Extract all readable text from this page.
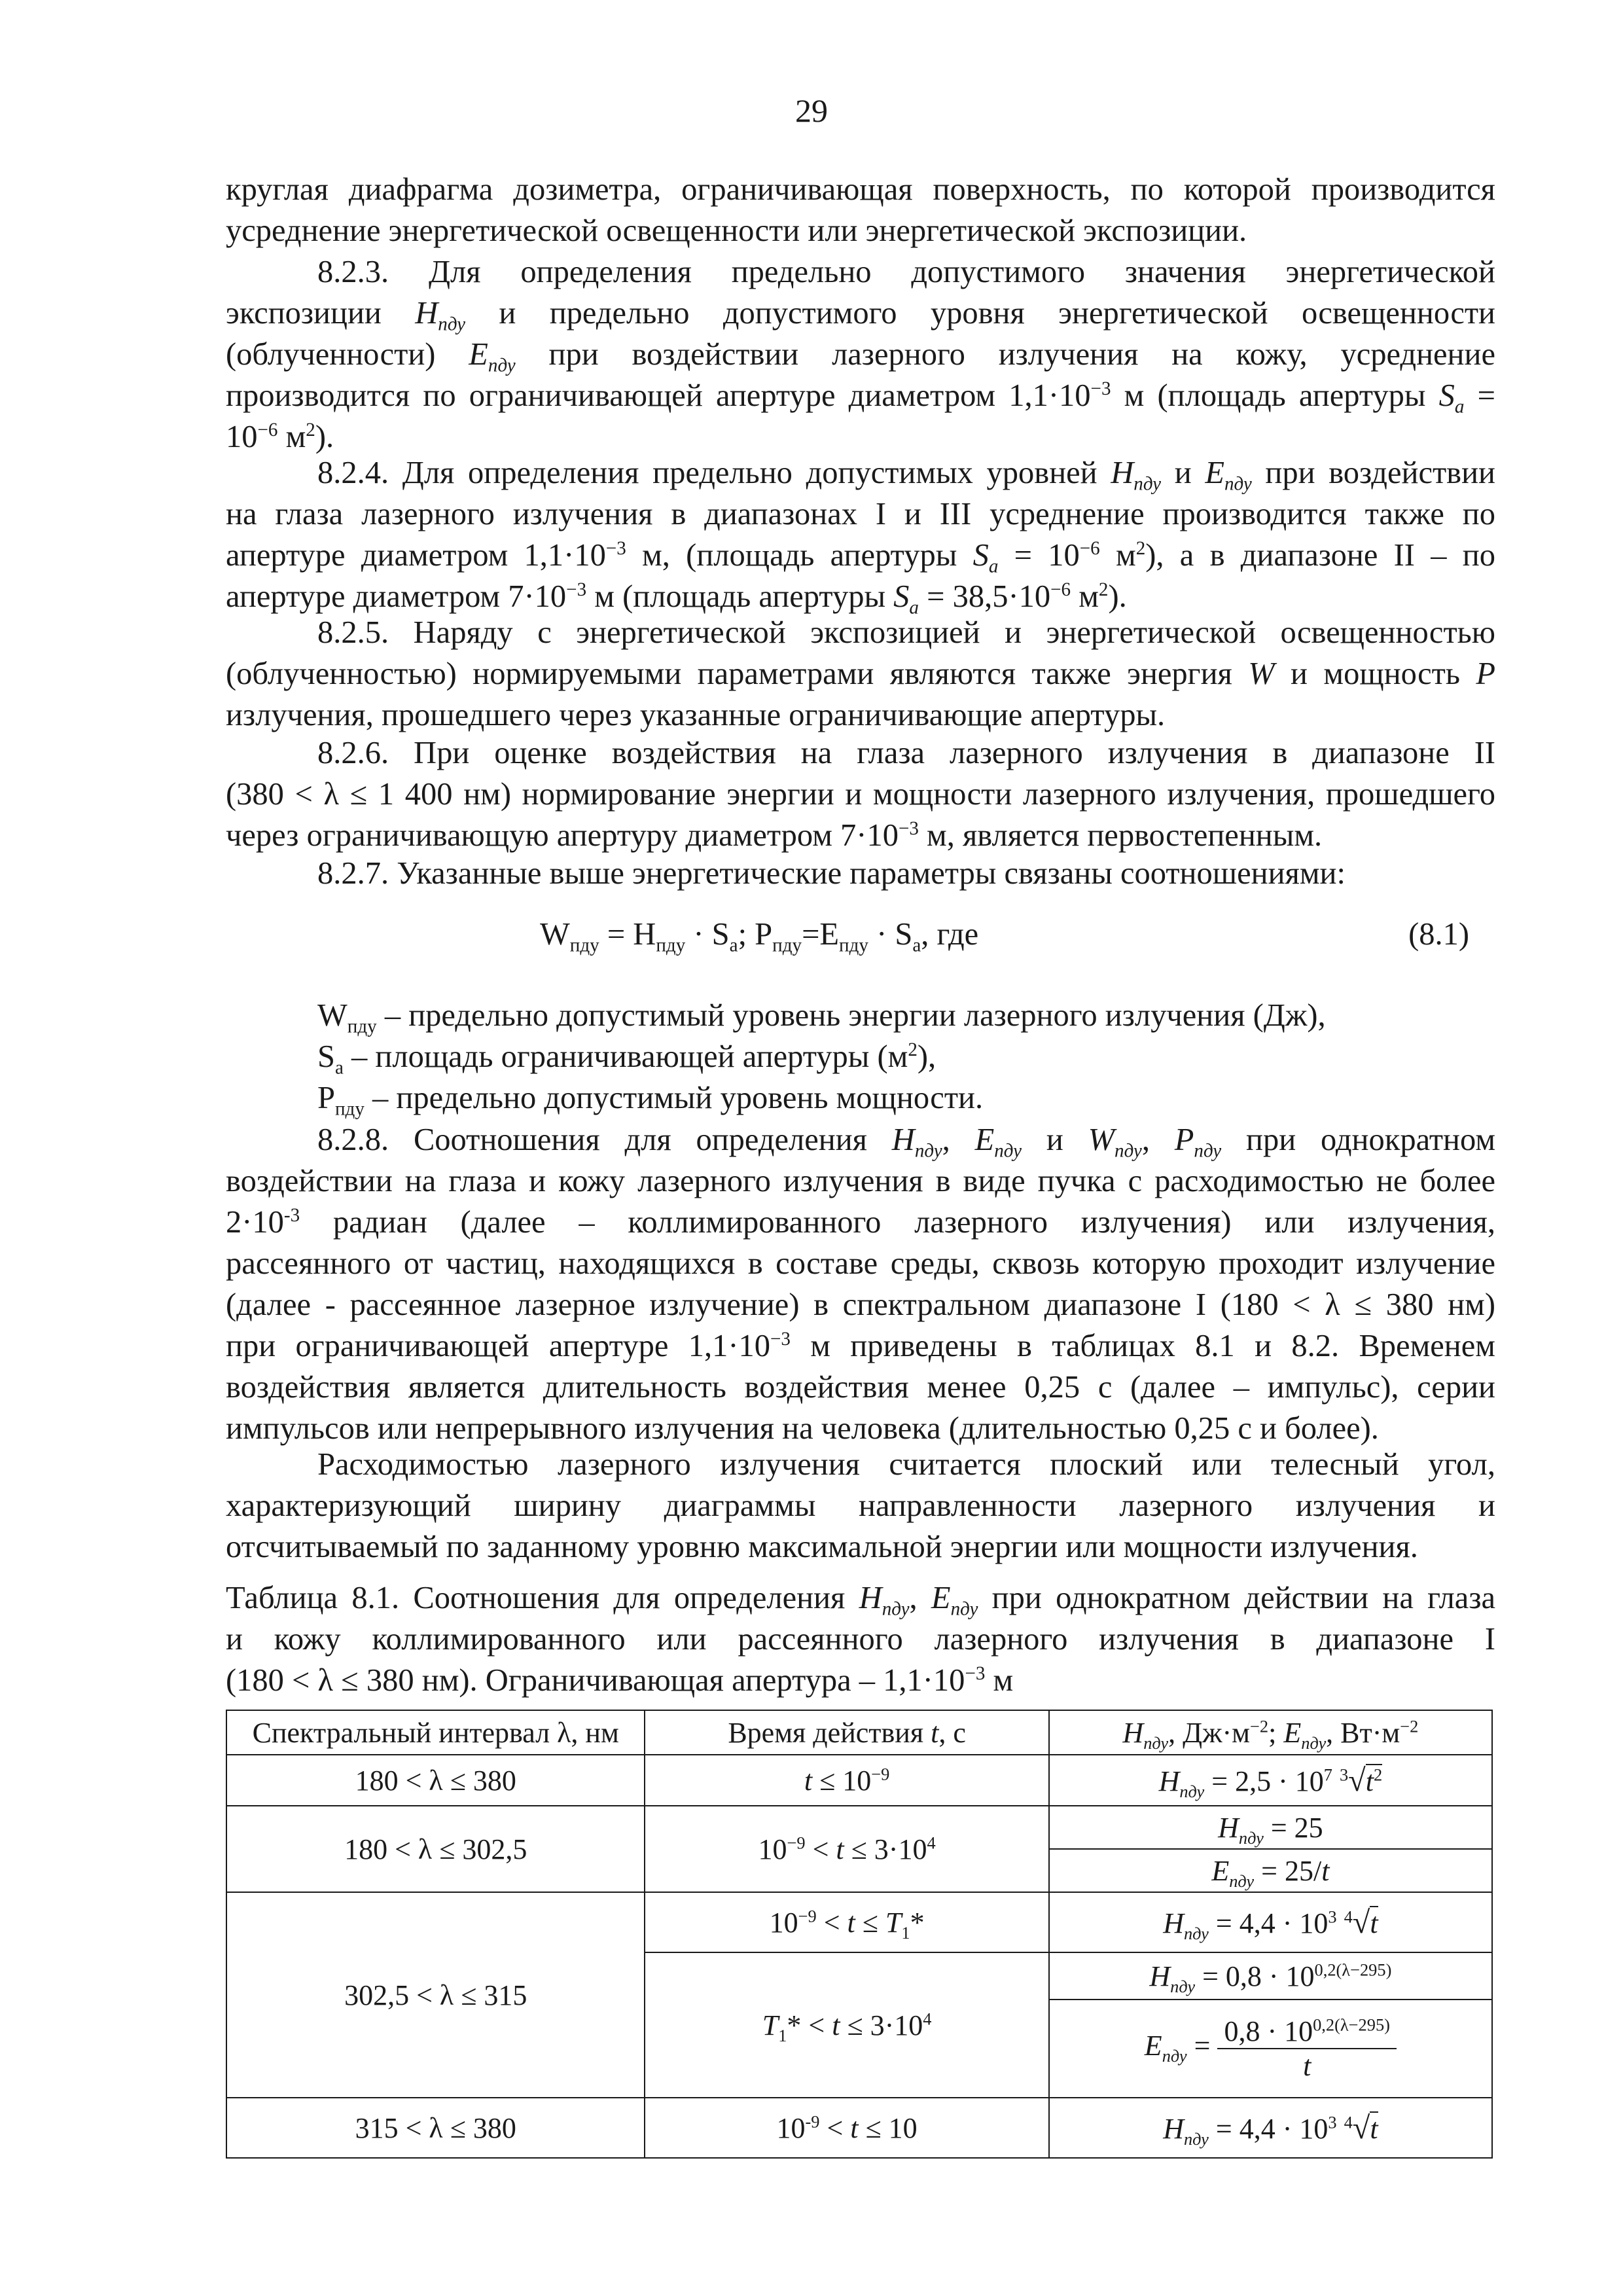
29
круглая диафрагма дозиметра, ограничивающая поверхность, по которой производится
усреднение энергетической освещенности или энергетической экспозиции.
8.2.3. Для определения предельно допустимого значения энергетической
экспозиции $H_{пду}$ и предельно допустимого уровня энергетической освещенности
(облученности) $E_{пду}$ при воздействии лазерного излучения на кожу, усреднение
производится по ограничивающей апертуре диаметром $1,1\cdot 10^{-3}$ м (площадь апертуры $S_a$ =
$10^{-6}$ $м^2$).
8.2.4. Для определения предельно допустимых уровней $H_{пду}$ и $E_{пду}$ при воздействии
на глаза лазерного излучения в диапазонах I и III усреднение производится также по
апертуре диаметром $1,1\cdot 10^{-3}$ м, (площадь апертуры $S_a = 10^{-6}$ $м^2$), а в диапазоне II – по
апертуре диаметром $7\cdot 10^{-3}$ м (площадь апертуры $S_a = 38,5\cdot 10^{-6}$ $м^2$).
8.2.5. Наряду с энергетической экспозицией и энергетической освещенностью
(облученностью) нормируемыми параметрами являются также энергия W и мощность P
излучения, прошедшего через указанные ограничивающие апертуры.
8.2.6. При оценке воздействия на глаза лазерного излучения в диапазоне II
(380 < λ ≤ 1 400 нм) нормирование энергии и мощности лазерного излучения, прошедшего
через ограничивающую апертуру диаметром $7\cdot 10^{-3}$ м, является первостепенным.
8.2.7. Указанные выше энергетические параметры связаны соотношениями:
$W_{пду} = H_{пду} \cdot S_a$; $P_{пду}=E_{пду} \cdot S_a$, где	(8.1)
$W_{пду}$ – предельно допустимый уровень энергии лазерного излучения (Дж),
$S_a$ – площадь ограничивающей апертуры $(м^2)$,
$P_{пду}$ – предельно допустимый уровень мощности.
8.2.8. Соотношения для определения $H_{пду}$, $E_{пду}$ и $W_{пду}$, $P_{пду}$ при однократном
воздействии на глаза и кожу лазерного излучения в виде пучка с расходимостью не более
$2\cdot 10^{-3}$ радиан (далее – коллимированного лазерного излучения) или излучения,
рассеянного от частиц, находящихся в составе среды, сквозь которую проходит излучение
(далее - рассеянное лазерное излучение) в спектральном диапазоне I (180 < λ ≤ 380 нм)
при ограничивающей апертуре $1,1\cdot 10^{-3}$ м приведены в таблицах 8.1 и 8.2. Временем
воздействия является длительность воздействия менее 0,25 с (далее – импульс), серии
импульсов или непрерывного излучения на человека (длительностью 0,25 с и более).
Расходимостью лазерного излучения считается плоский или телесный угол,
характеризующий ширину диаграммы направленности лазерного излучения и
отсчитываемый по заданному уровню максимальной энергии или мощности излучения.
Таблица 8.1. Соотношения для определения $H_{пду}$, $E_{пду}$ при однократном действии на глаза
и кожу коллимированного или рассеянного лазерного излучения в диапазоне I
(180 < λ ≤ 380 нм). Ограничивающая апертура – $1,1\cdot 10^{-3}$ м
Спектральный интервал λ, нм	Время действия t, с	$H_{пду}$, $Дж\cdot м^{-2}$; $E_{пду}$, $Вт\cdot м^{-2}$
180 < λ ≤ 380	$t \le 10^{-9}$	$H_{пду} = 2,5 \cdot 10^7$ $^3√t^2$
180 < λ ≤ 302,5	$10^{-9} < t \le 3\cdot 10^4$	$H_{пду} = 25$
		$E_{пду} = 25/t$
302,5 < λ ≤ 315	$10^{-9} < t \le T_1*$	$H_{пду} = 4,4 \cdot 10^3$ $^4$√t
	$T_1* < t \le 3\cdot 10^4$	$H_{пду} = 0,8 \cdot 10^{0,2(\lambda-295)}$
		$E_{пду} = \frac{0,8 \cdot 10^{0,2(\lambda-295)}}{t}$

315 < λ ≤ 380	$10^{-9} < t \le 10$	$H_{пду} = 4,4 \cdot 10^3$ $^4$√t
